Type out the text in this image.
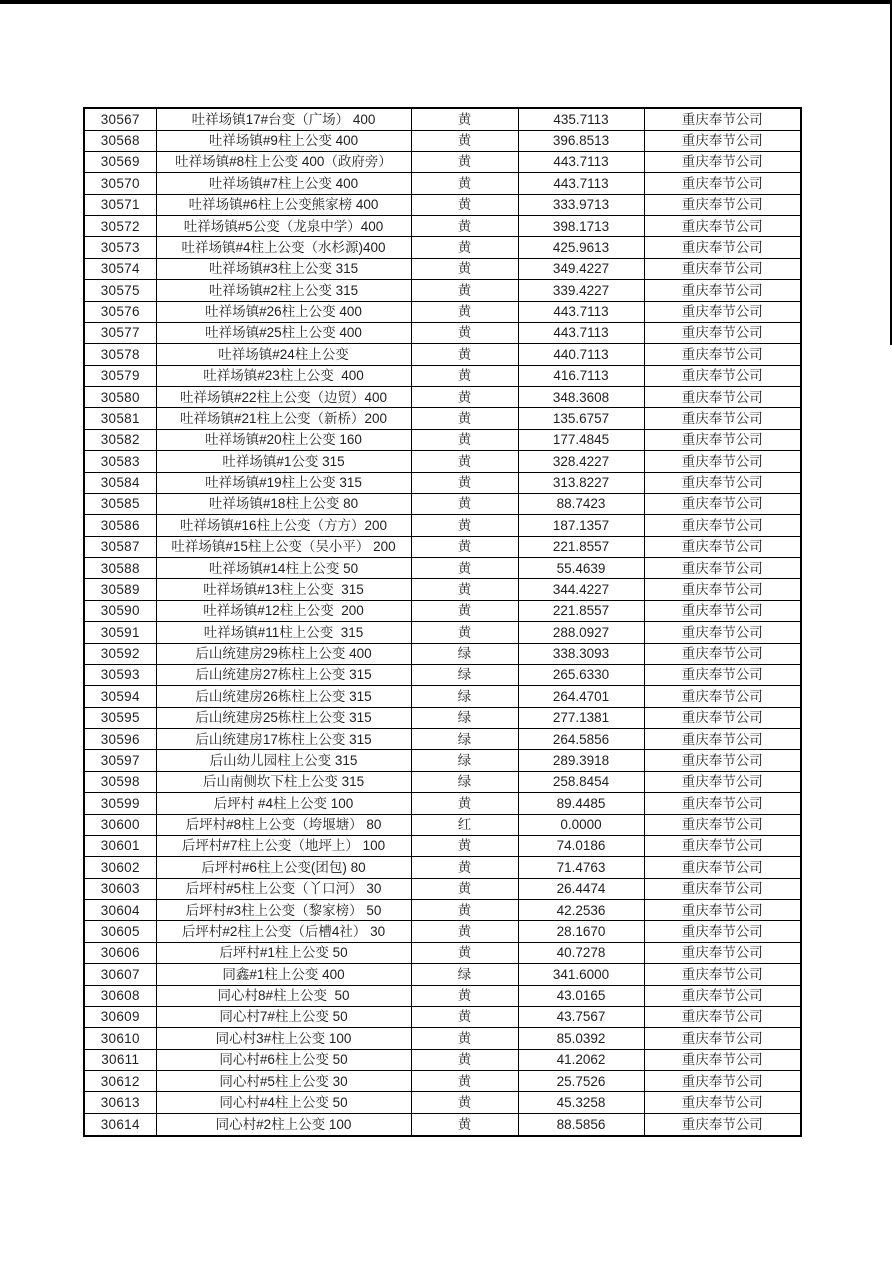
30567	吐祥场镇17#台变（广场） 400	黄	435.7113	重庆奉节公司
30568	吐祥场镇#9柱上公变 400	黄	396.8513	重庆奉节公司
30569	吐祥场镇#8柱上公变 400（政府旁）	黄	443.7113	重庆奉节公司
30570	吐祥场镇#7柱上公变 400	黄	443.7113	重庆奉节公司
30571	吐祥场镇#6柱上公变熊家榜 400	黄	333.9713	重庆奉节公司
30572	吐祥场镇#5公变（龙泉中学）400	黄	398.1713	重庆奉节公司
30573	吐祥场镇#4柱上公变（水杉源)400	黄	425.9613	重庆奉节公司
30574	吐祥场镇#3柱上公变 315	黄	349.4227	重庆奉节公司
30575	吐祥场镇#2柱上公变 315	黄	339.4227	重庆奉节公司
30576	吐祥场镇#26柱上公变 400	黄	443.7113	重庆奉节公司
30577	吐祥场镇#25柱上公变 400	黄	443.7113	重庆奉节公司
30578	吐祥场镇#24柱上公变	黄	440.7113	重庆奉节公司
30579	吐祥场镇#23柱上公变  400	黄	416.7113	重庆奉节公司
30580	吐祥场镇#22柱上公变（边贸）400	黄	348.3608	重庆奉节公司
30581	吐祥场镇#21柱上公变（新桥）200	黄	135.6757	重庆奉节公司
30582	吐祥场镇#20柱上公变 160	黄	177.4845	重庆奉节公司
30583	吐祥场镇#1公变 315	黄	328.4227	重庆奉节公司
30584	吐祥场镇#19柱上公变 315	黄	313.8227	重庆奉节公司
30585	吐祥场镇#18柱上公变 80	黄	88.7423	重庆奉节公司
30586	吐祥场镇#16柱上公变（方方）200	黄	187.1357	重庆奉节公司
30587	吐祥场镇#15柱上公变（吴小平） 200	黄	221.8557	重庆奉节公司
30588	吐祥场镇#14柱上公变 50	黄	55.4639	重庆奉节公司
30589	吐祥场镇#13柱上公变  315	黄	344.4227	重庆奉节公司
30590	吐祥场镇#12柱上公变  200	黄	221.8557	重庆奉节公司
30591	吐祥场镇#11柱上公变  315	黄	288.0927	重庆奉节公司
30592	后山统建房29栋柱上公变 400	绿	338.3093	重庆奉节公司
30593	后山统建房27栋柱上公变 315	绿	265.6330	重庆奉节公司
30594	后山统建房26栋柱上公变 315	绿	264.4701	重庆奉节公司
30595	后山统建房25栋柱上公变 315	绿	277.1381	重庆奉节公司
30596	后山统建房17栋柱上公变 315	绿	264.5856	重庆奉节公司
30597	后山幼儿园柱上公变 315	绿	289.3918	重庆奉节公司
30598	后山南侧坎下柱上公变 315	绿	258.8454	重庆奉节公司
30599	后坪村 #4柱上公变 100	黄	89.4485	重庆奉节公司
30600	后坪村#8柱上公变（垮堰塘） 80	红	0.0000	重庆奉节公司
30601	后坪村#7柱上公变（地坪上） 100	黄	74.0186	重庆奉节公司
30602	后坪村#6柱上公变(团包) 80	黄	71.4763	重庆奉节公司
30603	后坪村#5柱上公变（丫口河） 30	黄	26.4474	重庆奉节公司
30604	后坪村#3柱上公变（黎家榜） 50	黄	42.2536	重庆奉节公司
30605	后坪村#2柱上公变（后槽4社） 30	黄	28.1670	重庆奉节公司
30606	后坪村#1柱上公变 50	黄	40.7278	重庆奉节公司
30607	同鑫#1柱上公变 400	绿	341.6000	重庆奉节公司
30608	同心村8#柱上公变  50	黄	43.0165	重庆奉节公司
30609	同心村7#柱上公变 50	黄	43.7567	重庆奉节公司
30610	同心村3#柱上公变 100	黄	85.0392	重庆奉节公司
30611	同心村#6柱上公变 50	黄	41.2062	重庆奉节公司
30612	同心村#5柱上公变 30	黄	25.7526	重庆奉节公司
30613	同心村#4柱上公变 50	黄	45.3258	重庆奉节公司
30614	同心村#2柱上公变 100	黄	88.5856	重庆奉节公司
